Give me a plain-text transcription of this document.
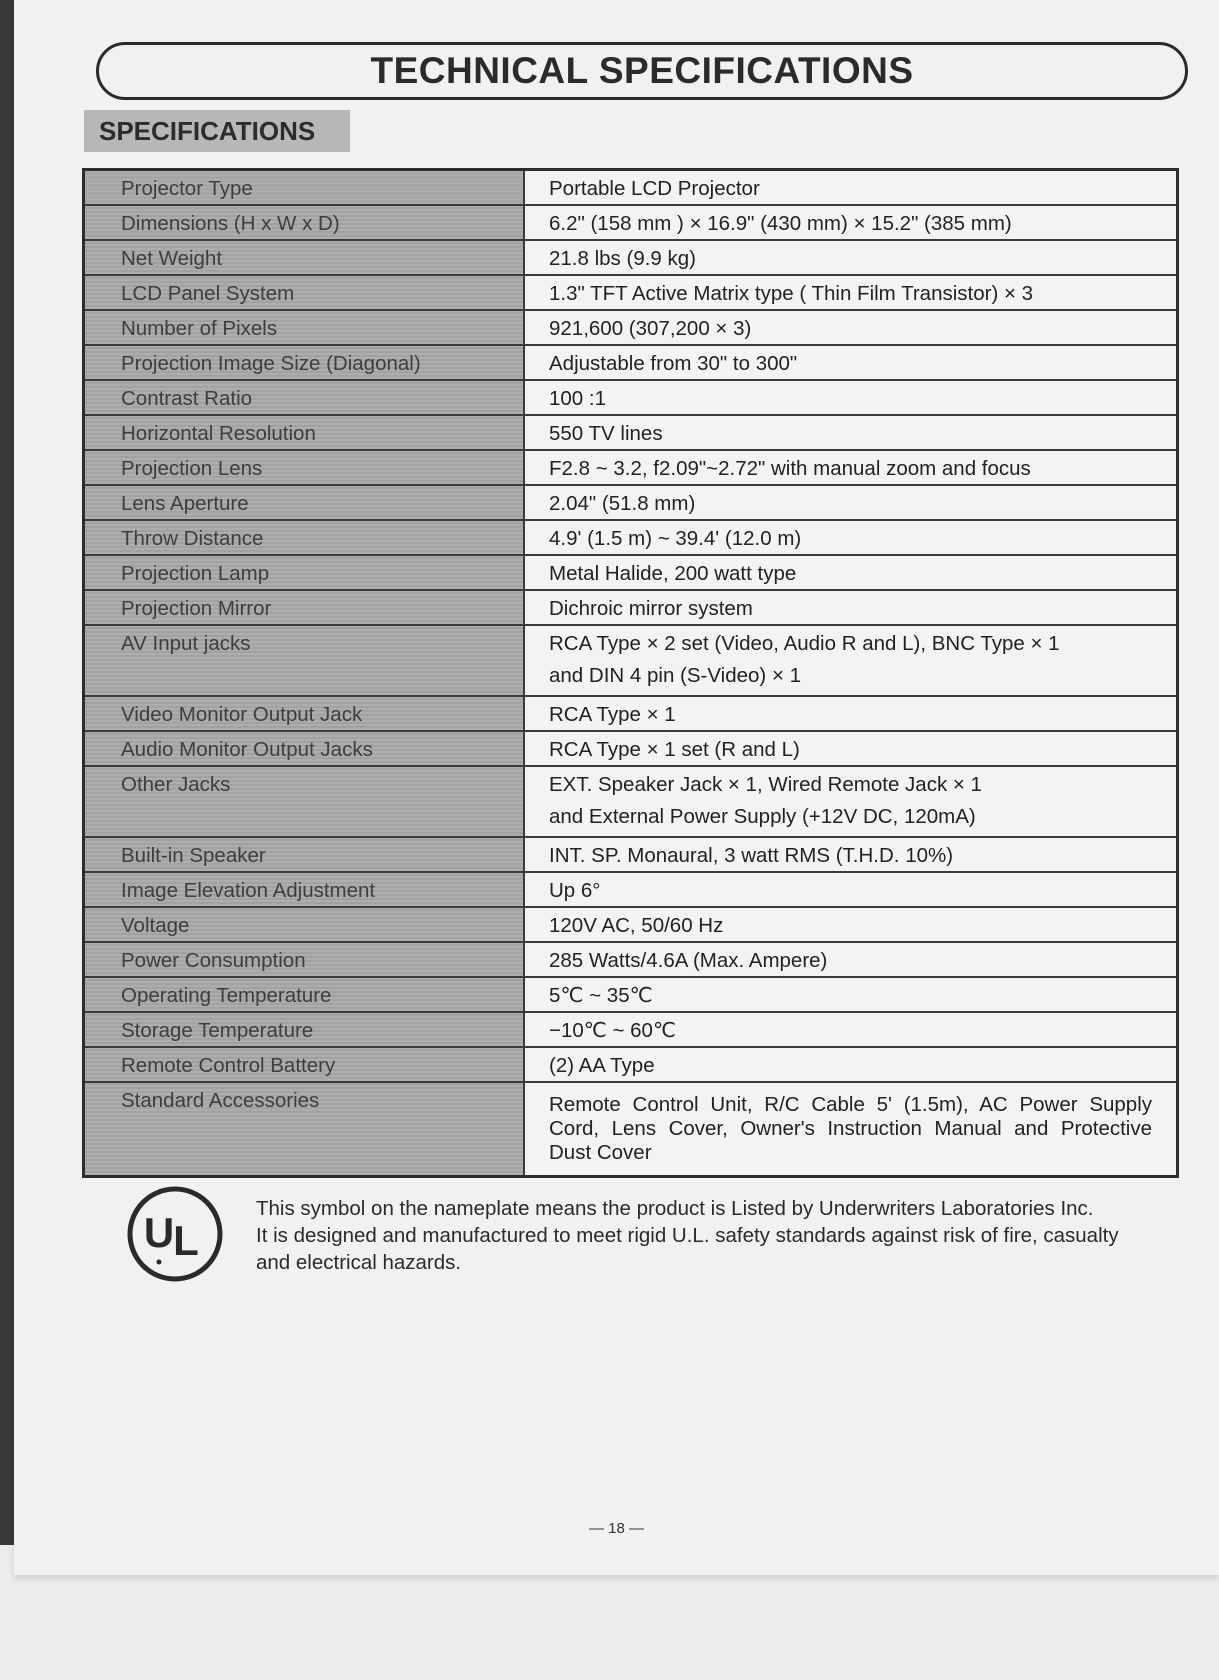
TECHNICAL SPECIFICATIONS
SPECIFICATIONS
Projector Type	Portable LCD Projector
Dimensions (H x W x D)	6.2" (158 mm ) × 16.9" (430 mm) × 15.2" (385 mm)
Net Weight	21.8 lbs (9.9 kg)
LCD Panel System	1.3" TFT Active Matrix type ( Thin Film Transistor) × 3
Number of Pixels	921,600 (307,200 × 3)
Projection Image Size (Diagonal)	Adjustable from 30" to 300"
Contrast Ratio	100 :1
Horizontal Resolution	550 TV lines
Projection Lens	F2.8 ~ 3.2, f2.09"~2.72" with manual zoom and focus
Lens Aperture	2.04" (51.8 mm)
Throw Distance	4.9' (1.5 m) ~ 39.4' (12.0 m)
Projection Lamp	Metal Halide, 200 watt type
Projection Mirror	Dichroic mirror system
AV Input jacks	RCA Type × 2 set (Video, Audio R and L), BNC Type × 1
and DIN 4 pin (S-Video) × 1

Video Monitor Output Jack	RCA Type × 1
Audio Monitor Output Jacks	RCA Type × 1 set (R and L)
Other Jacks	EXT. Speaker Jack × 1, Wired Remote Jack × 1
and External Power Supply (+12V DC, 120mA)

Built-in Speaker	INT. SP. Monaural, 3 watt RMS (T.H.D. 10%)
Image Elevation Adjustment	Up 6°
Voltage	120V AC, 50/60 Hz
Power Consumption	285 Watts/4.6A (Max. Ampere)
Operating Temperature	5℃ ~ 35℃
Storage Temperature	−10℃ ~ 60℃
Remote Control Battery	(2) AA Type
Standard Accessories	Remote Control Unit, R/C Cable 5' (1.5m), AC Power Supply Cord, Lens Cover, Owner's Instruction Manual and Protective Dust Cover
U L
This symbol on the nameplate means the product is Listed by Underwriters Laboratories Inc.
It is designed and manufactured to meet rigid U.L. safety standards against risk of fire, casualty
and electrical hazards.
— 18 —
